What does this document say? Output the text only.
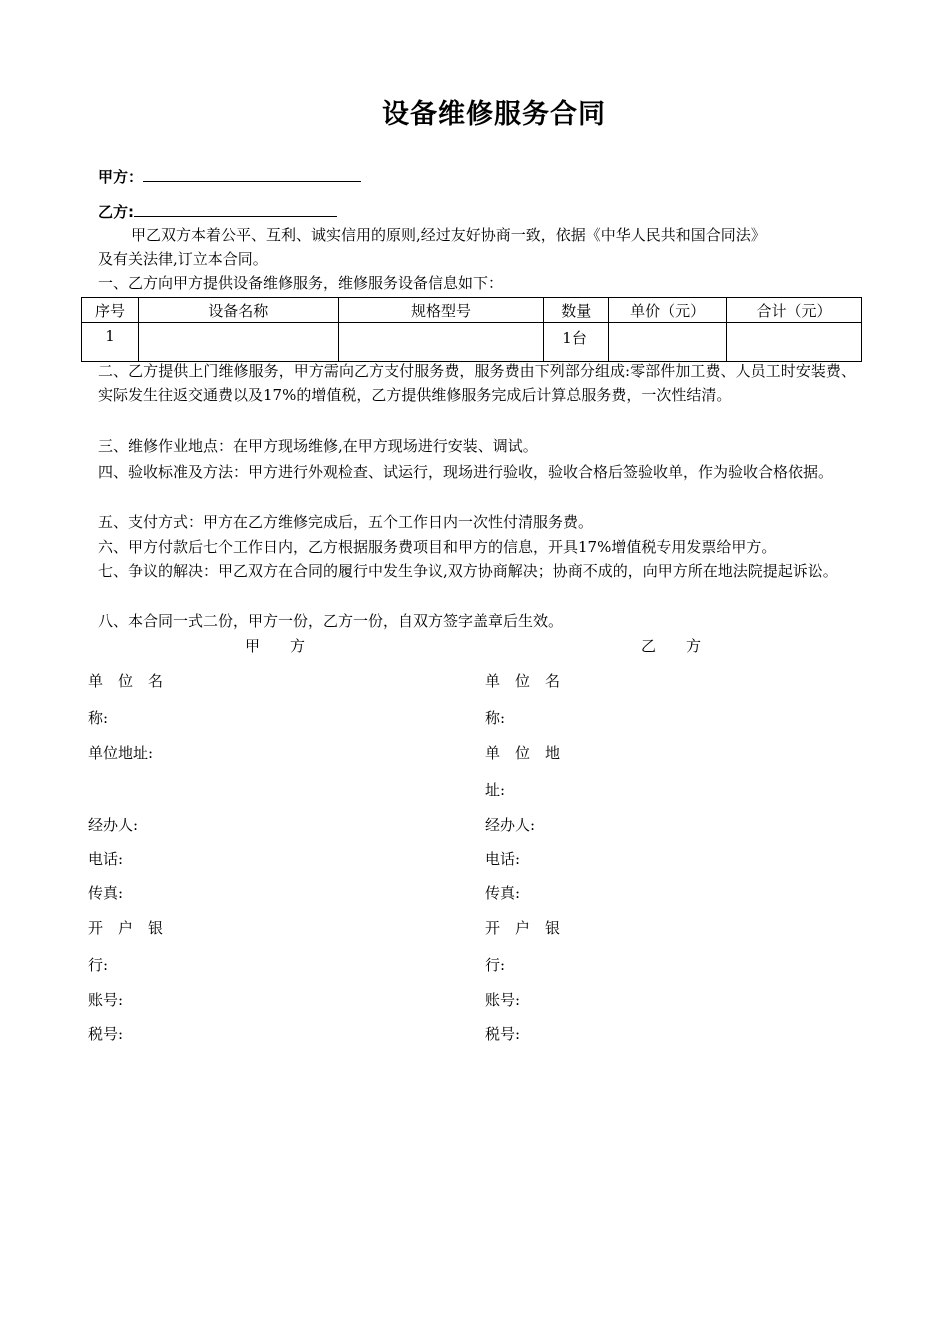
设备维修服务合同
甲方：
乙方:
甲乙双方本着公平、互利、诚实信用的原则,经过友好协商一致，依据《中华人民共和国合同法》
及有关法律,订立本合同。
一、乙方向甲方提供设备维修服务，维修服务设备信息如下：
序号	设备名称	规格型号	数量	单价（元）	合计（元）
1			1台		
二、乙方提供上门维修服务，甲方需向乙方支付服务费，服务费由下列部分组成:零部件加工费、人员工时安装费、实际发生往返交通费以及17%的增值税，乙方提供维修服务完成后计算总服务费，一次性结清。
三、维修作业地点：在甲方现场维修,在甲方现场进行安装、调试。
四、验收标准及方法：甲方进行外观检查、试运行，现场进行验收，验收合格后签验收单，作为验收合格依据。
五、支付方式：甲方在乙方维修完成后，五个工作日内一次性付清服务费。
六、甲方付款后七个工作日内，乙方根据服务费项目和甲方的信息，开具17%增值税专用发票给甲方。
七、争议的解决：甲乙双方在合同的履行中发生争议,双方协商解决；协商不成的，向甲方所在地法院提起诉讼。
八、本合同一式二份，甲方一份，乙方一份，自双方签字盖章后生效。
甲　　方	乙　　方
单位名
称:
单位地址:
经办人:
电话:
传真:
开户银
行:
账号:
税号:
单位名
称:
单位地
址:
经办人:
电话:
传真:
开户银
行:
账号:
税号:
